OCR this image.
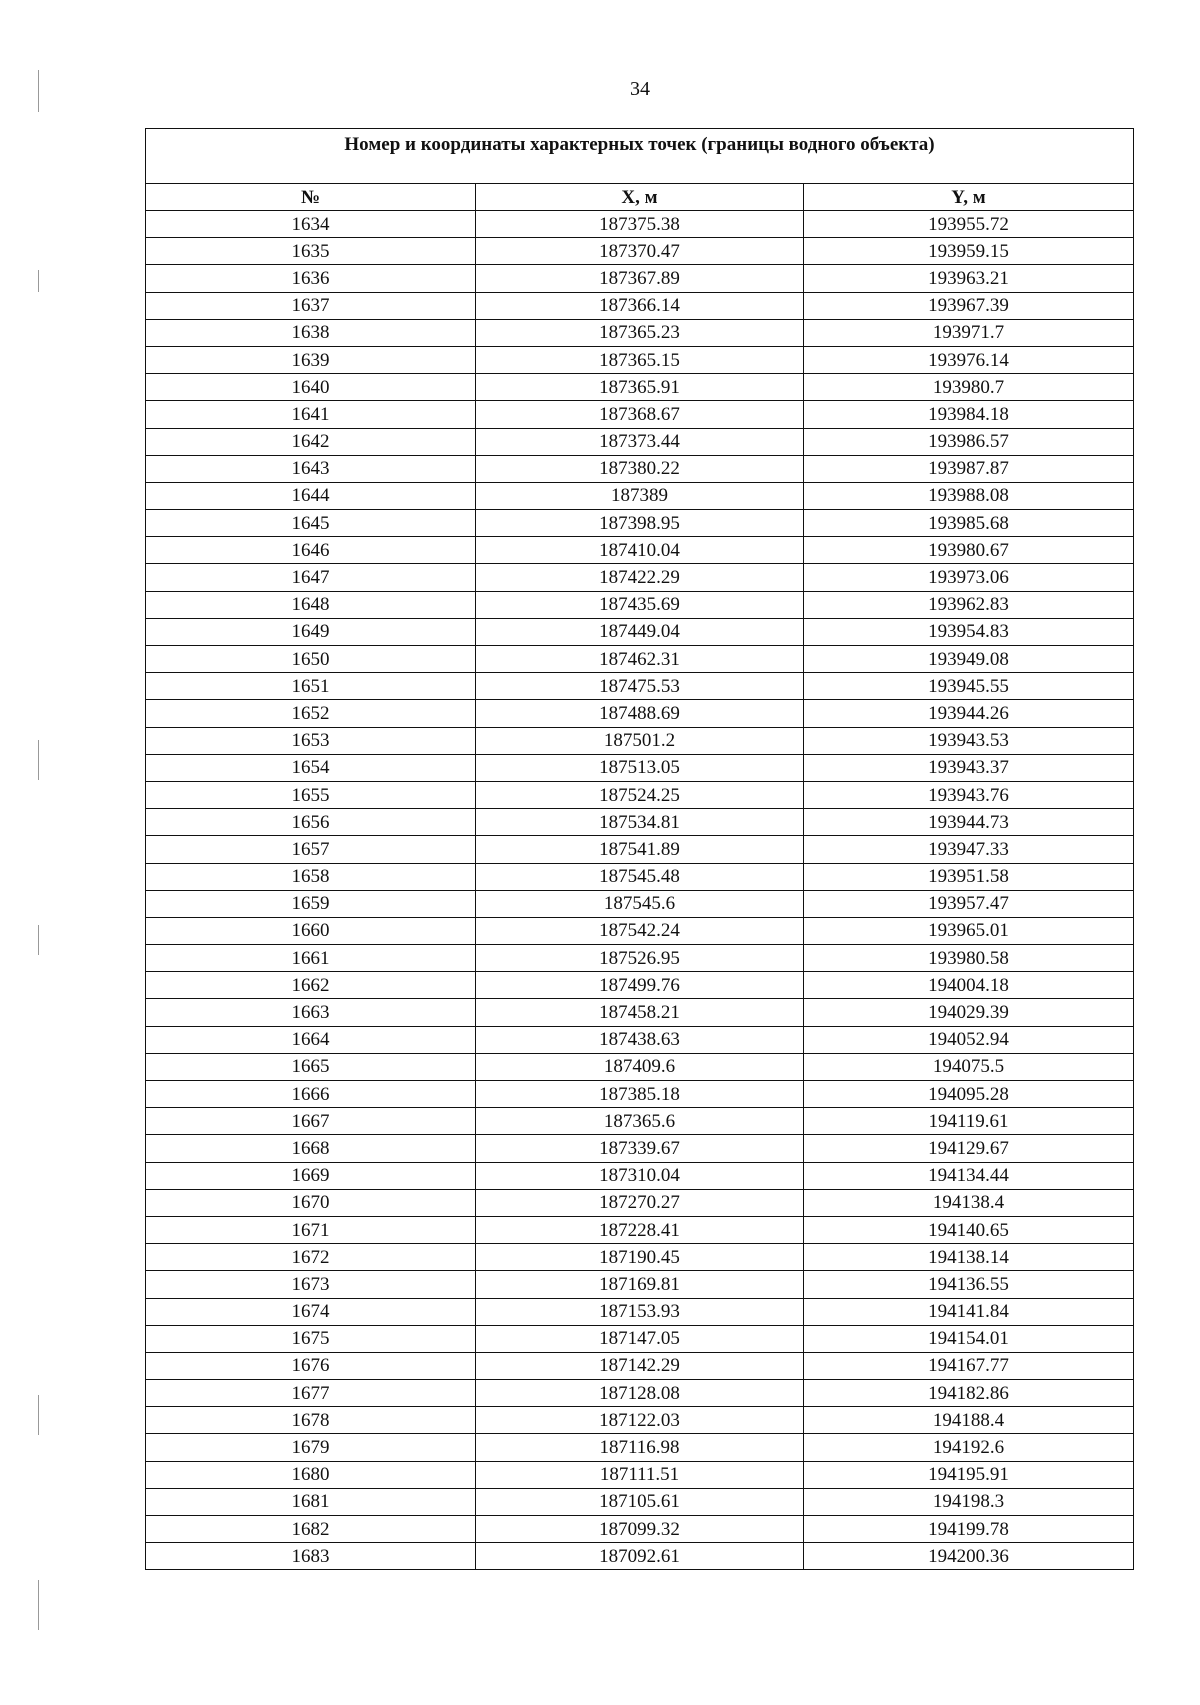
34
Номер и координаты характерных точек (границы водного объекта)		
№	X, м	Y, м
1634	187375.38	193955.72
1635	187370.47	193959.15
1636	187367.89	193963.21
1637	187366.14	193967.39
1638	187365.23	193971.7
1639	187365.15	193976.14
1640	187365.91	193980.7
1641	187368.67	193984.18
1642	187373.44	193986.57
1643	187380.22	193987.87
1644	187389	193988.08
1645	187398.95	193985.68
1646	187410.04	193980.67
1647	187422.29	193973.06
1648	187435.69	193962.83
1649	187449.04	193954.83
1650	187462.31	193949.08
1651	187475.53	193945.55
1652	187488.69	193944.26
1653	187501.2	193943.53
1654	187513.05	193943.37
1655	187524.25	193943.76
1656	187534.81	193944.73
1657	187541.89	193947.33
1658	187545.48	193951.58
1659	187545.6	193957.47
1660	187542.24	193965.01
1661	187526.95	193980.58
1662	187499.76	194004.18
1663	187458.21	194029.39
1664	187438.63	194052.94
1665	187409.6	194075.5
1666	187385.18	194095.28
1667	187365.6	194119.61
1668	187339.67	194129.67
1669	187310.04	194134.44
1670	187270.27	194138.4
1671	187228.41	194140.65
1672	187190.45	194138.14
1673	187169.81	194136.55
1674	187153.93	194141.84
1675	187147.05	194154.01
1676	187142.29	194167.77
1677	187128.08	194182.86
1678	187122.03	194188.4
1679	187116.98	194192.6
1680	187111.51	194195.91
1681	187105.61	194198.3
1682	187099.32	194199.78
1683	187092.61	194200.36
